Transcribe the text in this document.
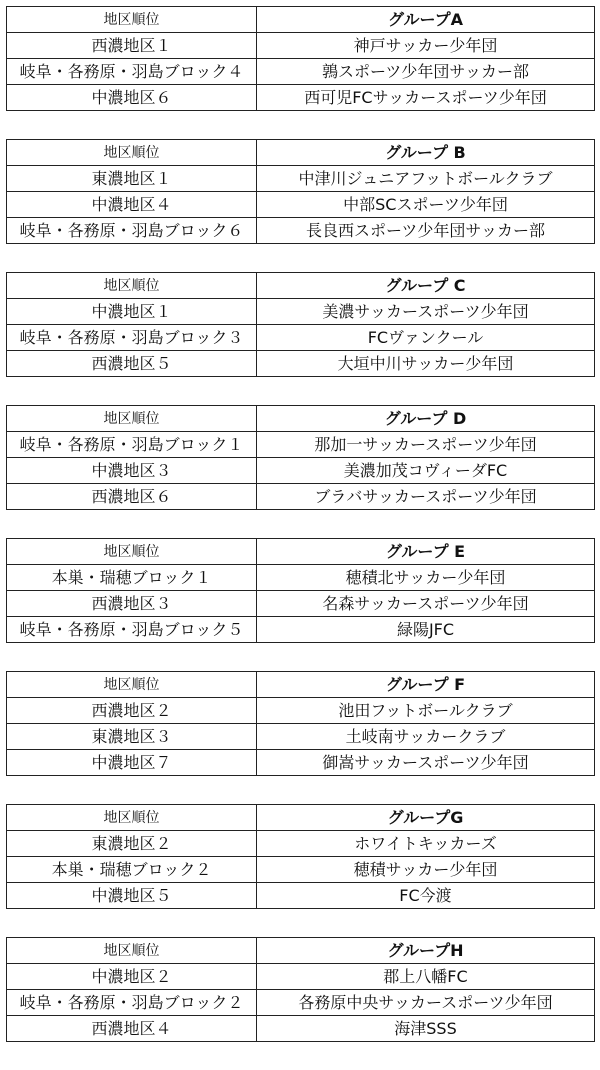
地区順位	グループA
西濃地区１	神戸サッカー少年団
岐阜・各務原・羽島ブロック４	鶉スポーツ少年団サッカー部
中濃地区６	西可児FCサッカースポーツ少年団
地区順位	グループ B
東濃地区１	中津川ジュニアフットボールクラブ
中濃地区４	中部SCスポーツ少年団
岐阜・各務原・羽島ブロック６	長良西スポーツ少年団サッカー部
地区順位	グループ C
中濃地区１	美濃サッカースポーツ少年団
岐阜・各務原・羽島ブロック３	FCヴァンクール
西濃地区５	大垣中川サッカー少年団
地区順位	グループ D
岐阜・各務原・羽島ブロック１	那加一サッカースポーツ少年団
中濃地区３	美濃加茂コヴィーダFC
西濃地区６	ブラバサッカースポーツ少年団
地区順位	グループ E
本巣・瑞穂ブロック１	穂積北サッカー少年団
西濃地区３	名森サッカースポーツ少年団
岐阜・各務原・羽島ブロック５	緑陽JFC
地区順位	グループ F
西濃地区２	池田フットボールクラブ
東濃地区３	土岐南サッカークラブ
中濃地区７	御嵩サッカースポーツ少年団
地区順位	グループG
東濃地区２	ホワイトキッカーズ
本巣・瑞穂ブロック２	穂積サッカー少年団
中濃地区５	FC今渡
地区順位	グループH
中濃地区２	郡上八幡FC
岐阜・各務原・羽島ブロック２	各務原中央サッカースポーツ少年団
西濃地区４	海津SSS
